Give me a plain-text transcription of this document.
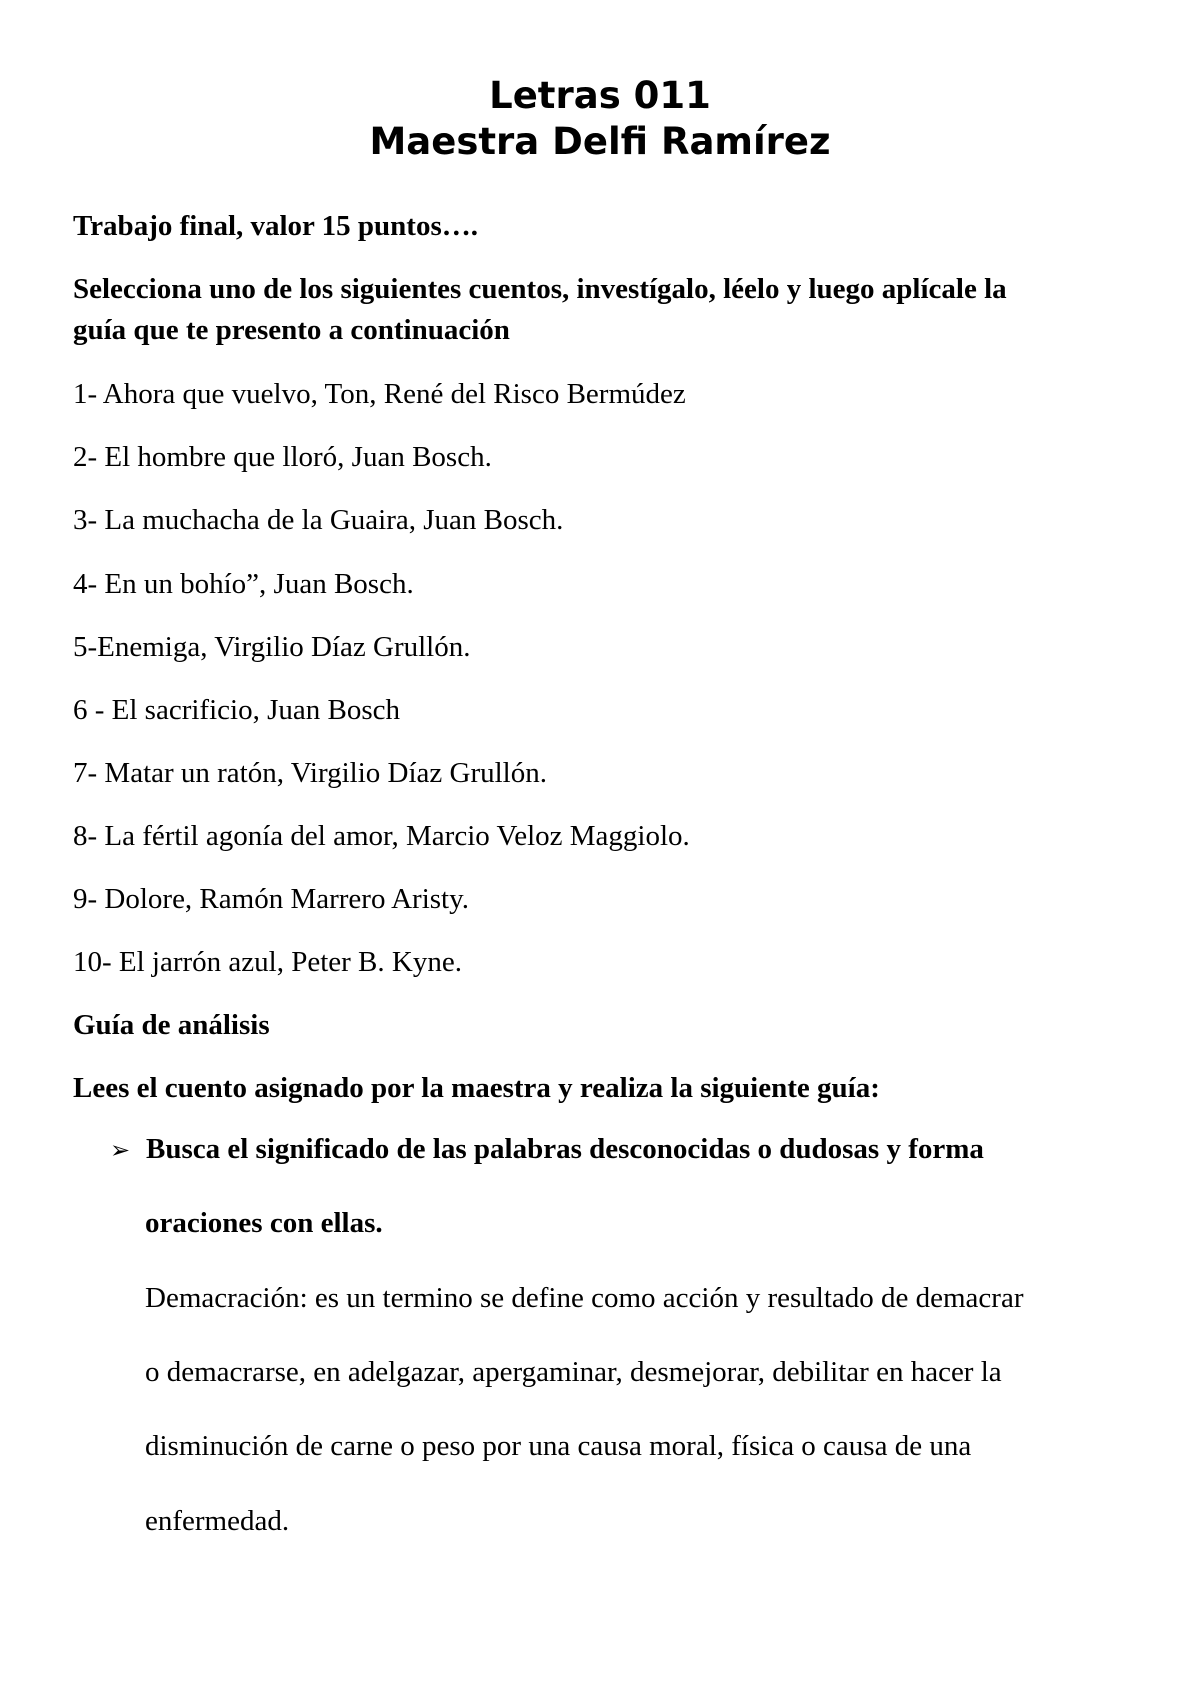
Letras 011
Maestra Delfi Ramírez

Trabajo final, valor 15 puntos….

Selecciona uno de los siguientes cuentos, investígalo, léelo y luego aplícale la

guía que te presento a continuación

1- Ahora que vuelvo, Ton, René del Risco Bermúdez

2- El hombre que lloró, Juan Bosch.

3- La muchacha de la Guaira, Juan Bosch.

4- En un bohío”, Juan Bosch.

5-Enemiga, Virgilio Díaz Grullón.

6 - El sacrificio, Juan Bosch

7- Matar un ratón, Virgilio Díaz Grullón.

8- La fértil agonía del amor, Marcio Veloz Maggiolo.

9- Dolore, Ramón Marrero Aristy.

10- El jarrón azul, Peter B. Kyne.

Guía de análisis

Lees el cuento asignado por la maestra y realiza la siguiente guía:

➢ Busca el significado de las palabras desconocidas o dudosas y forma

oraciones con ellas.

Demacración: es un termino se define como acción y resultado de demacrar

o demacrarse, en adelgazar, apergaminar, desmejorar, debilitar en hacer la

disminución de carne o peso por una causa moral, física o causa de una

enfermedad.
